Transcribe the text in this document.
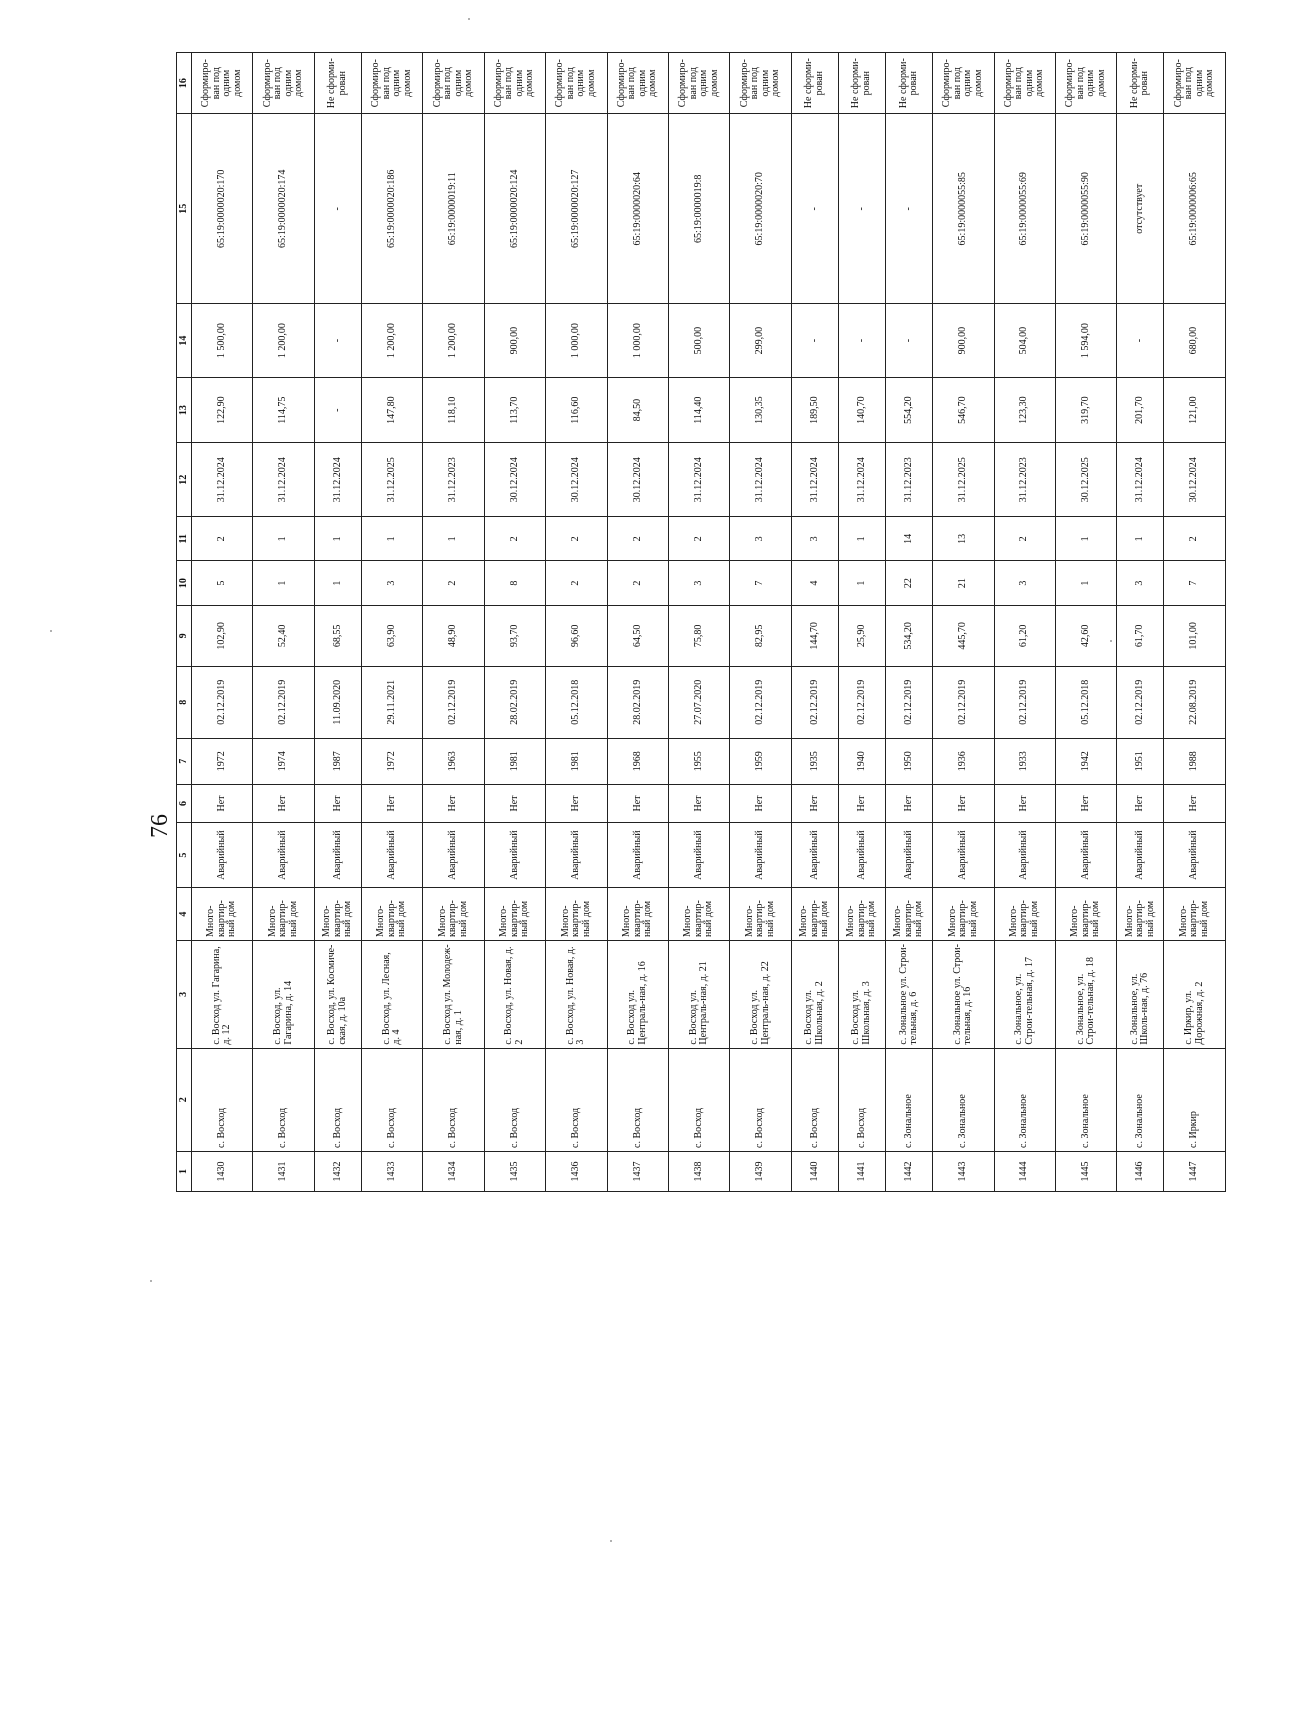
76
1	2	3	4	5	6	7	8	9	10	11	12	13	14	15	16
1430	с. Восход	с. Восход ул. Гагарина, д. 12	Много-квартир-ный дом	Аварийный	Нет	1972	02.12.2019	102,90	5	2	31.12.2024	122,90	1 500,00	65:19:0000020:170	Сформиро-ван под одним домом
1431	с. Восход	с. Восход, ул. Гагарина, д. 14	Много-квартир-ный дом	Аварийный	Нет	1974	02.12.2019	52,40	1	1	31.12.2024	114,75	1 200,00	65:19:0000020:174	Сформиро-ван под одним домом
1432	с. Восход	с. Восход, ул. Космиче-ская, д. 10а	Много-квартир-ный дом	Аварийный	Нет	1987	11.09.2020	68,55	1	1	31.12.2024	-	-	-	Не сформи-рован
1433	с. Восход	с. Восход, ул. Лесная, д. 4	Много-квартир-ный дом	Аварийный	Нет	1972	29.11.2021	63,90	3	1	31.12.2025	147,80	1 200,00	65:19:0000020:186	Сформиро-ван под одним домом
1434	с. Восход	с. Восход ул. Молодеж-ная, д. 1	Много-квартир-ный дом	Аварийный	Нет	1963	02.12.2019	48,90	2	1	31.12.2023	118,10	1 200,00	65:19:0000019:11	Сформиро-ван под одним домом
1435	с. Восход	с. Восход, ул. Новая, д. 2	Много-квартир-ный дом	Аварийный	Нет	1981	28.02.2019	93,70	8	2	30.12.2024	113,70	900,00	65:19:0000020:124	Сформиро-ван под одним домом
1436	с. Восход	с. Восход, ул. Новая, д. 3	Много-квартир-ный дом	Аварийный	Нет	1981	05.12.2018	96,60	2	2	30.12.2024	116,60	1 000,00	65:19:0000020:127	Сформиро-ван под одним домом
1437	с. Восход	с. Восход ул. Централь-ная, д. 16	Много-квартир-ный дом	Аварийный	Нет	1968	28.02.2019	64,50	2	2	30.12.2024	84,50	1 000,00	65:19:0000020:64	Сформиро-ван под одним домом
1438	с. Восход	с. Восход ул. Централь-ная, д. 21	Много-квартир-ный дом	Аварийный	Нет	1955	27.07.2020	75,80	3	2	31.12.2024	114,40	500,00	65:19:0000019:8	Сформиро-ван под одним домом
1439	с. Восход	с. Восход ул. Централь-ная, д. 22	Много-квартир-ный дом	Аварийный	Нет	1959	02.12.2019	82,95	7	3	31.12.2024	130,35	299,00	65:19:0000020:70	Сформиро-ван под одним домом
1440	с. Восход	с. Восход ул. Школьная, д. 2	Много-квартир-ный дом	Аварийный	Нет	1935	02.12.2019	144,70	4	3	31.12.2024	189,50	-	-	Не сформи-рован
1441	с. Восход	с. Восход ул. Школьная, д. 3	Много-квартир-ный дом	Аварийный	Нет	1940	02.12.2019	25,90	1	1	31.12.2024	140,70	-	-	Не сформи-рован
1442	с. Зональное	с. Зональное ул. Строи-тельная, д. 6	Много-квартир-ный дом	Аварийный	Нет	1950	02.12.2019	534,20	22	14	31.12.2023	554,20	-	-	Не сформи-рован
1443	с. Зональное	с. Зональное ул. Строи-тельная, д. 16	Много-квартир-ный дом	Аварийный	Нет	1936	02.12.2019	445,70	21	13	31.12.2025	546,70	900,00	65:19:0000055:85	Сформиро-ван под одним домом
1444	с. Зональное	с. Зональное, ул. Строи-тельная, д. 17	Много-квартир-ный дом	Аварийный	Нет	1933	02.12.2019	61,20	3	2	31.12.2023	123,30	504,00	65:19:0000055:69	Сформиро-ван под одним домом
1445	с. Зональное	с. Зональное, ул. Строи-тельная, д. 18	Много-квартир-ный дом	Аварийный	Нет	1942	05.12.2018	42,60	1	1	30.12.2025	319,70	1 594,00	65:19:0000055:90	Сформиро-ван под одним домом
1446	с. Зональное	с. Зональное, ул. Школь-ная, д. 76	Много-квартир-ный дом	Аварийный	Нет	1951	02.12.2019	61,70	3	1	31.12.2024	201,70	-	отсутствует	Не сформи-рован
1447	с. Иркир	с. Иркир, ул. Дорожная, д. 2	Много-квартир-ный дом	Аварийный	Нет	1988	22.08.2019	101,00	7	2	30.12.2024	121,00	680,00	65:19:0000006:65	Сформиро-ван под одним домом
